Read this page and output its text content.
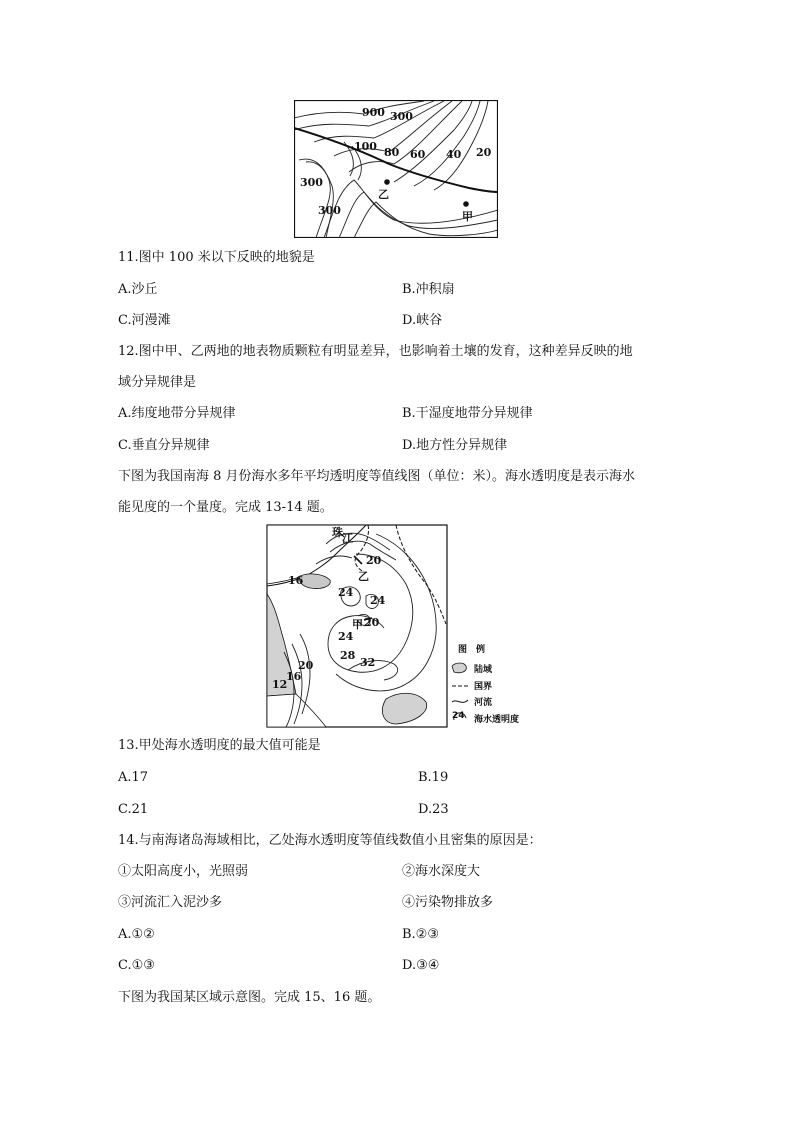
900 300
100 80 60 40 20
300
300
乙
甲
11.图中 100 米以下反映的地貌是
A.沙丘	B.冲积扇
C.河漫滩	D.峡谷
12.图中甲、乙两地的地表物质颗粒有明显差异，也影响着土壤的发育，这种差异反映的地
域分异规律是
A.纬度地带分异规律	B.干湿度地带分异规律
C.垂直分异规律	D.地方性分异规律
下图为我国南海 8 月份海水多年平均透明度等值线图（单位：米）。海水透明度是表示海水
能见度的一个量度。完成 13-14 题。
珠 江
20
16
24
24
20
24
28
32
20
16
12
乙
甲
图　例
陆域
国界
河流
24 海水透明度
13.甲处海水透明度的最大值可能是
A.17	B.19
C.21	D.23
14.与南海诸岛海域相比，乙处海水透明度等值线数值小且密集的原因是：
①太阳高度小，光照弱	②海水深度大
③河流汇入泥沙多	④污染物排放多
A.①②	B.②③
C.①③	D.③④
下图为我国某区域示意图。完成 15、16 题。
